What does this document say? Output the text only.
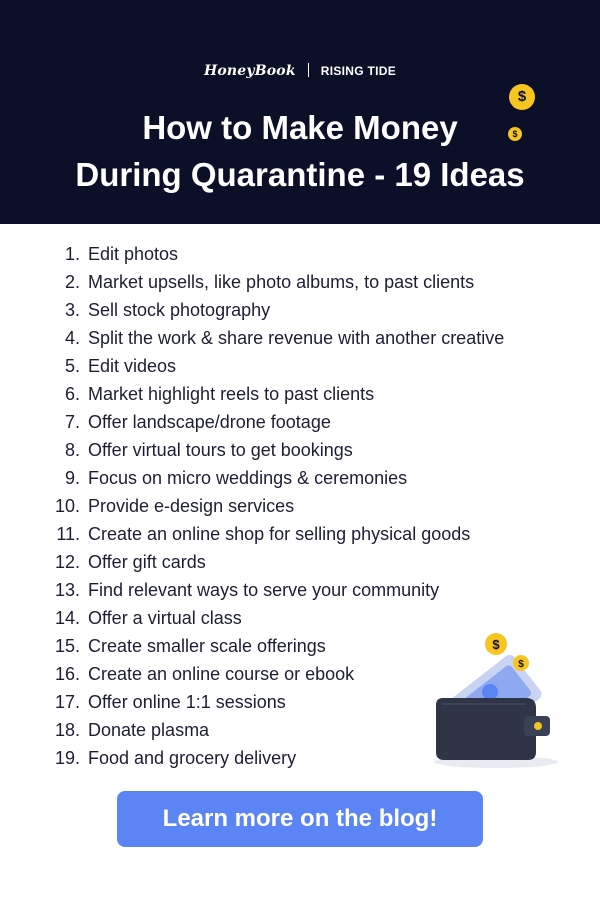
HoneyBook RISING TIDE
How to Make Money
During Quarantine - 19 Ideas
$
$
1. Edit photos
2. Market upsells, like photo albums, to past clients
3. Sell stock photography
4. Split the work & share revenue with another creative
5. Edit videos
6. Market highlight reels to past clients
7. Offer landscape/drone footage
8. Offer virtual tours to get bookings
9. Focus on micro weddings & ceremonies
10. Provide e-design services
11. Create an online shop for selling physical goods
12. Offer gift cards
13. Find relevant ways to serve your community
14. Offer a virtual class
15. Create smaller scale offerings
16. Create an online course or ebook
17. Offer online 1:1 sessions
18. Donate plasma
19. Food and grocery delivery
$
$
Learn more on the blog!
